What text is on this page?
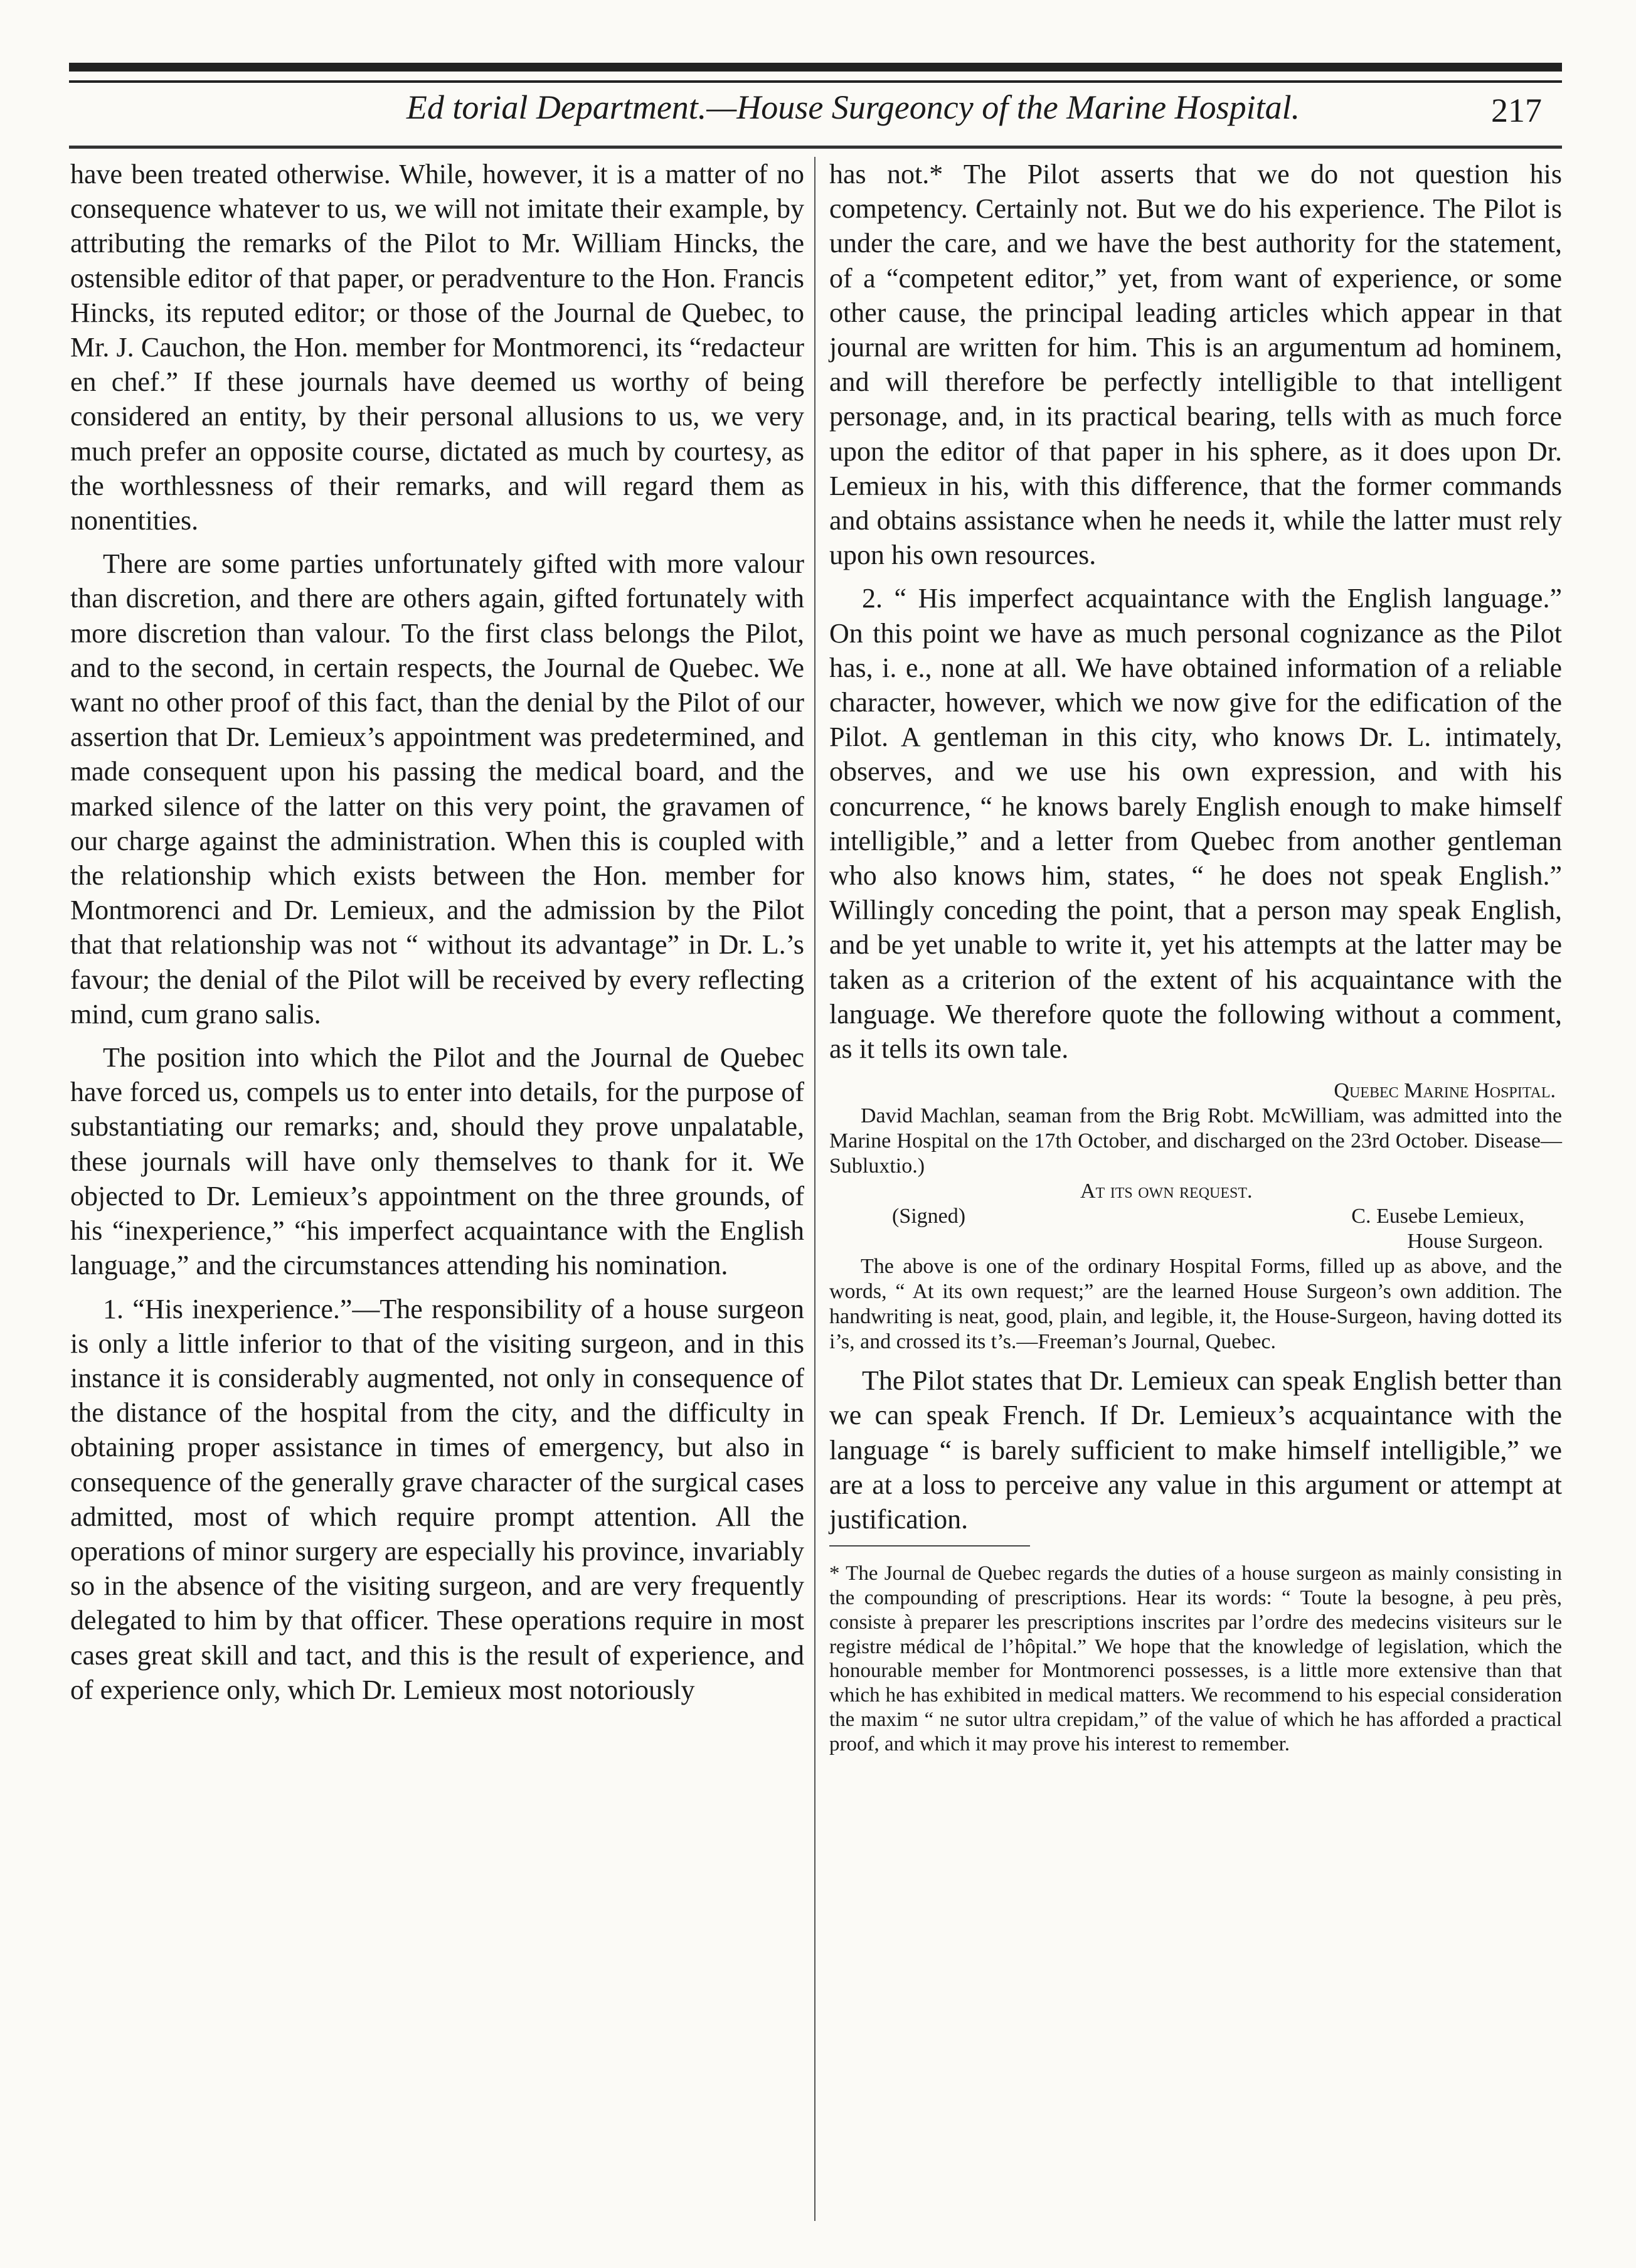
Ed torial Department.—House Surgeoncy of the Marine Hospital.	217

have been treated otherwise. While, however, it is a matter of no consequence whatever to us, we will not imitate their example, by attributing the remarks of the Pilot to Mr. William Hincks, the ostensible editor of that paper, or peradventure to the Hon. Francis Hincks, its reputed editor; or those of the Journal de Quebec, to Mr. J. Cauchon, the Hon. member for Montmorenci, its “redacteur en chef.” If these journals have deemed us worthy of being considered an entity, by their personal allusions to us, we very much prefer an opposite course, dictated as much by courtesy, as the worthlessness of their remarks, and will regard them as nonentities.

There are some parties unfortunately gifted with more valour than discretion, and there are others again, gifted fortunately with more discretion than valour. To the first class belongs the Pilot, and to the second, in certain respects, the Journal de Quebec. We want no other proof of this fact, than the denial by the Pilot of our assertion that Dr. Lemieux’s appointment was predetermined, and made consequent upon his passing the medical board, and the marked silence of the latter on this very point, the gravamen of our charge against the administration. When this is coupled with the relationship which exists between the Hon. member for Montmorenci and Dr. Lemieux, and the admission by the Pilot that that relationship was not “ without its advantage” in Dr. L.’s favour; the denial of the Pilot will be received by every reflecting mind, cum grano salis.

The position into which the Pilot and the Journal de Quebec have forced us, compels us to enter into details, for the purpose of substantiating our remarks; and, should they prove unpalatable, these journals will have only themselves to thank for it. We objected to Dr. Lemieux’s appointment on the three grounds, of his “inexperience,” “his imperfect acquaintance with the English language,” and the circumstances attending his nomination.

1. “His inexperience.”—The responsibility of a house surgeon is only a little inferior to that of the visiting surgeon, and in this instance it is considerably augmented, not only in consequence of the distance of the hospital from the city, and the difficulty in obtaining proper assistance in times of emergency, but also in consequence of the generally grave character of the surgical cases admitted, most of which require prompt attention. All the operations of minor surgery are especially his province, invariably so in the absence of the visiting surgeon, and are very frequently delegated to him by that officer. These operations require in most cases great skill and tact, and this is the result of experience, and of experience only, which Dr. Lemieux most notoriously

has not.* The Pilot asserts that we do not question his competency. Certainly not. But we do his experience. The Pilot is under the care, and we have the best authority for the statement, of a “competent editor,” yet, from want of experience, or some other cause, the principal leading articles which appear in that journal are written for him. This is an argumentum ad hominem, and will therefore be perfectly intelligible to that intelligent personage, and, in its practical bearing, tells with as much force upon the editor of that paper in his sphere, as it does upon Dr. Lemieux in his, with this difference, that the former commands and obtains assistance when he needs it, while the latter must rely upon his own resources.

2. “ His imperfect acquaintance with the English language.” On this point we have as much personal cognizance as the Pilot has, i. e., none at all. We have obtained information of a reliable character, however, which we now give for the edification of the Pilot. A gentleman in this city, who knows Dr. L. intimately, observes, and we use his own expression, and with his concurrence, “ he knows barely English enough to make himself intelligible,” and a letter from Quebec from another gentleman who also knows him, states, “ he does not speak English.” Willingly conceding the point, that a person may speak English, and be yet unable to write it, yet his attempts at the latter may be taken as a criterion of the extent of his acquaintance with the language. We therefore quote the following without a comment, as it tells its own tale.

Quebec Marine Hospital.
David Machlan, seaman from the Brig Robt. McWilliam, was admitted into the Marine Hospital on the 17th October, and discharged on the 23rd October. Disease—Subluxtio.)
At its own request.
(Signed)	C. Eusebe Lemieux,
House Surgeon.
The above is one of the ordinary Hospital Forms, filled up as above, and the words, “ At its own request;” are the learned House Surgeon’s own addition. The handwriting is neat, good, plain, and legible, it, the House-Surgeon, having dotted its i’s, and crossed its t’s.—Freeman’s Journal, Quebec.

The Pilot states that Dr. Lemieux can speak English better than we can speak French. If Dr. Lemieux’s acquaintance with the language “ is barely sufficient to make himself intelligible,” we are at a loss to perceive any value in this argument or attempt at justification.

* The Journal de Quebec regards the duties of a house surgeon as mainly consisting in the compounding of prescriptions. Hear its words: “ Toute la besogne, à peu près, consiste à preparer les prescriptions inscrites par l’ordre des medecins visiteurs sur le registre médical de l’hôpital.” We hope that the knowledge of legislation, which the honourable member for Montmorenci possesses, is a little more extensive than that which he has exhibited in medical matters. We recommend to his especial consideration the maxim “ ne sutor ultra crepidam,” of the value of which he has afforded a practical proof, and which it may prove his interest to remember.
